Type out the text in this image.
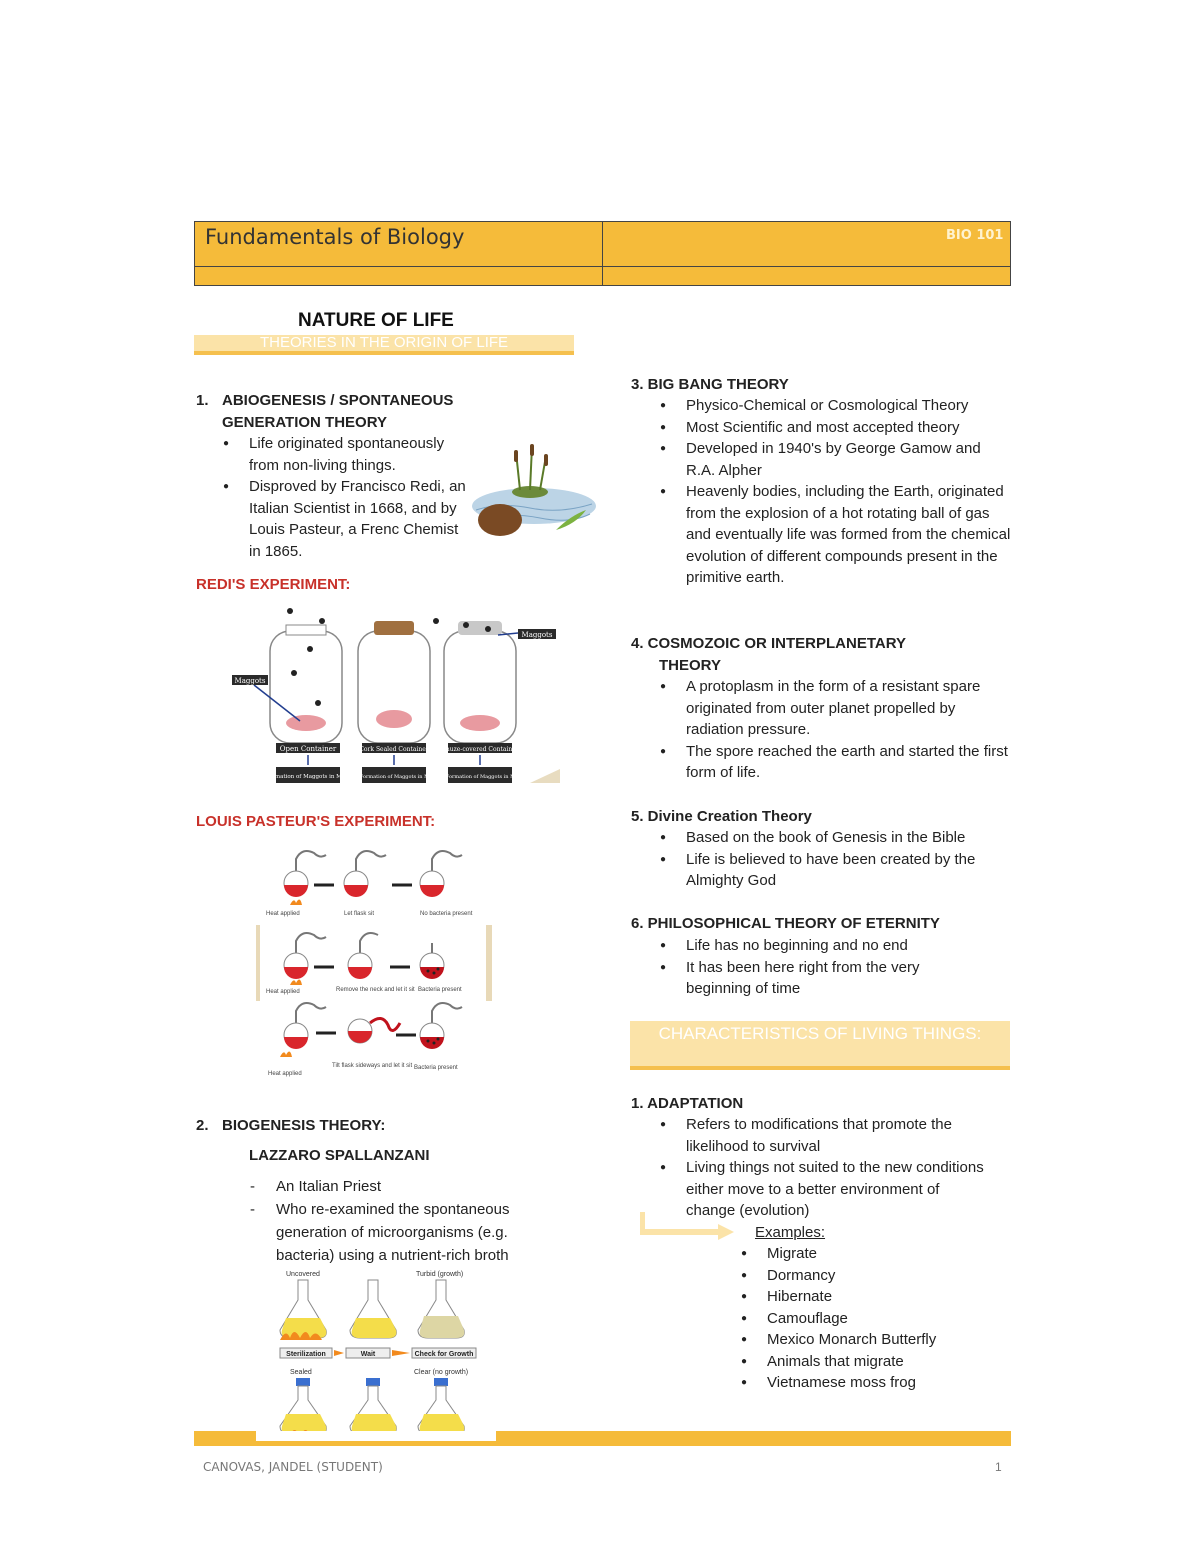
Fundamentals of Biology	BIO 101
NATURE OF LIFE
THEORIES IN THE ORIGIN OF LIFE
1. ABIOGENESIS / SPONTANEOUS
GENERATION THEORY
● Life originated spontaneously from non-living things.
● Disproved by Francisco Redi, an Italian Scientist in 1668, and by Louis Pasteur, a Frenc Chemist in 1865.
REDI'S EXPERIMENT:
Maggots
Maggots
Open Container	Cork Sealed Container Gauze-covered Container
Formation of Maggots in Meat No Formation of Maggots in Meat No Formation of Maggots in Meat
LOUIS PASTEUR'S EXPERIMENT:
Heat applied	Let flask sit	No bacteria present
Heat applied	Remove the neck and let it sit Bacteria present
Heat applied
Tilt flask sideways and let it sit Bacteria present
2. BIOGENESIS THEORY:
LAZZARO SPALLANZANI
- An Italian Priest
- Who re-examined the spontaneous generation of microorganisms (e.g. bacteria) using a nutrient-rich broth
Uncovered	Turbid (growth)
Sterilization	Wait	Check for Growth
Sealed	Clear (no growth)
3. BIG BANG THEORY
● Physico-Chemical or Cosmological Theory
● Most Scientific and most accepted theory
● Developed in 1940's by George Gamow and R.A. Alpher
● Heavenly bodies, including the Earth, originated from the explosion of a hot rotating ball of gas and eventually life was formed from the chemical evolution of different compounds present in the primitive earth.
4. COSMOZOIC OR INTERPLANETARY
THEORY
● A protoplasm in the form of a resistant spare originated from outer planet propelled by radiation pressure.
● The spore reached the earth and started the first form of life.
5. Divine Creation Theory
● Based on the book of Genesis in the Bible
● Life is believed to have been created by the Almighty God
6. PHILOSOPHICAL THEORY OF ETERNITY
● Life has no beginning and no end
● It has been here right from the very beginning of time
CHARACTERISTICS OF LIVING THINGS:
1. ADAPTATION
● Refers to modifications that promote the likelihood to survival
● Living things not suited to the new conditions either move to a better environment of change (evolution)
Examples:
● Migrate
● Dormancy
● Hibernate
● Camouflage
● Mexico Monarch Butterfly
● Animals that migrate
● Vietnamese moss frog
CANOVAS, JANDEL (STUDENT)	1
